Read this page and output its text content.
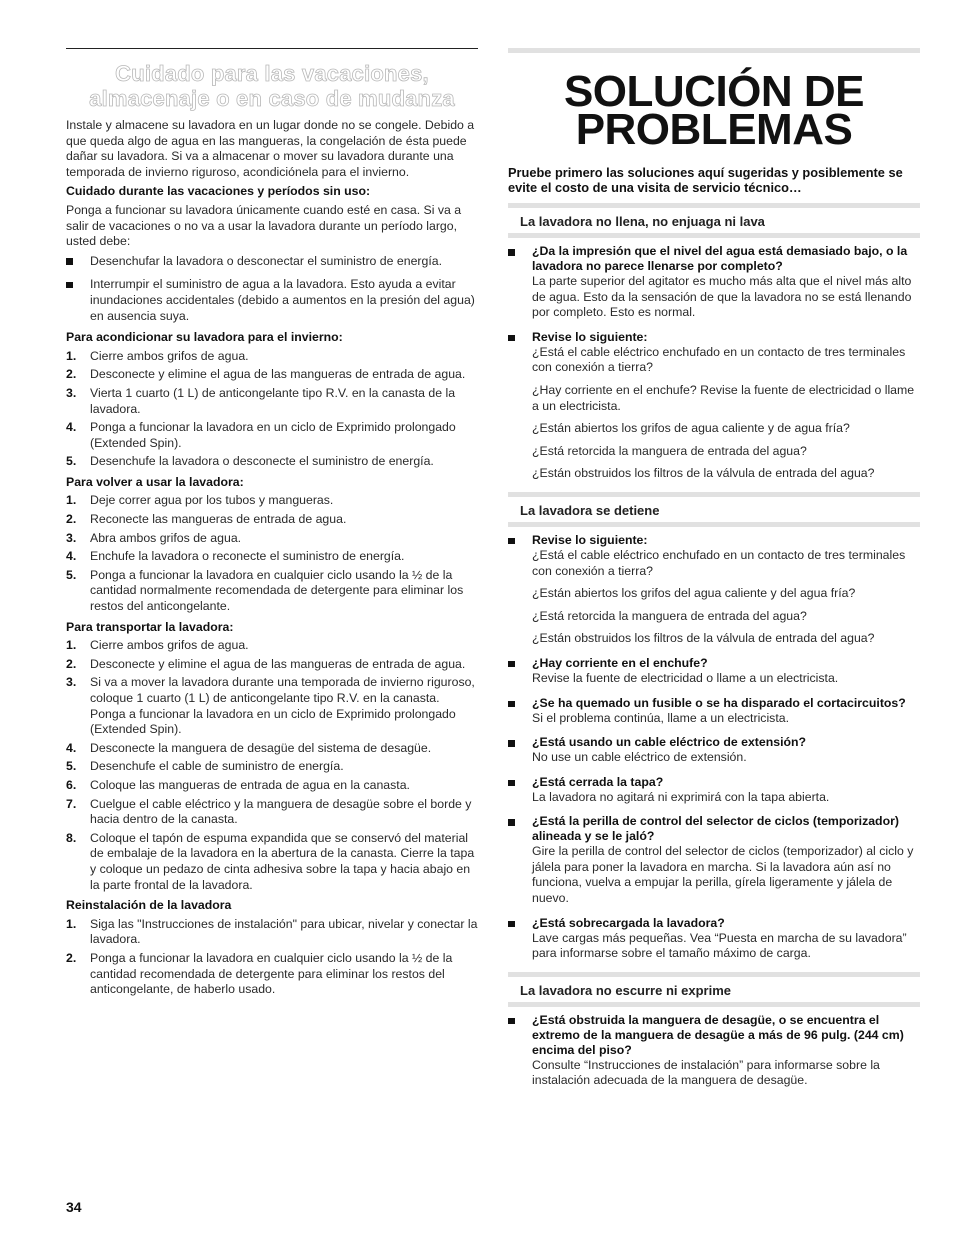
Cuidado para las vacaciones,
almacenaje o en caso de mudanza

Instale y almacene su lavadora en un lugar donde no se congele. Debido a que queda algo de agua en las mangueras, la congelación de ésta puede dañar su lavadora. Si va a almacenar o mover su lavadora durante una temporada de invierno riguroso, acondiciónela para el invierno.

Cuidado durante las vacaciones y períodos sin uso:

Ponga a funcionar su lavadora únicamente cuando esté en casa. Si va a salir de vacaciones o no va a usar la lavadora durante un período largo, usted debe:

Desenchufar la lavadora o desconectar el suministro de energía.
Interrumpir el suministro de agua a la lavadora. Esto ayuda a evitar inundaciones accidentales (debido a aumentos en la presión del agua) en ausencia suya.
Para acondicionar su lavadora para el invierno:
1.	Cierre ambos grifos de agua.
2.	Desconecte y elimine el agua de las mangueras de entrada de agua.
3.	Vierta 1 cuarto (1 L) de anticongelante tipo R.V. en la canasta de la lavadora.
4.	Ponga a funcionar la lavadora en un ciclo de Exprimido prolongado (Extended Spin).
5.	Desenchufe la lavadora o desconecte el suministro de energía.
Para volver a usar la lavadora:
1.	Deje correr agua por los tubos y mangueras.
2.	Reconecte las mangueras de entrada de agua.
3.	Abra ambos grifos de agua.
4.	Enchufe la lavadora o reconecte el suministro de energía.
5.	Ponga a funcionar la lavadora en cualquier ciclo usando la ½ de la cantidad normalmente recomendada de detergente para eliminar los restos del anticongelante.
Para transportar la lavadora:
1.	Cierre ambos grifos de agua.
2.	Desconecte y elimine el agua de las mangueras de entrada de agua.
3.	Si va a mover la lavadora durante una temporada de invierno riguroso, coloque 1 cuarto (1 L) de anticongelante tipo R.V. en la canasta. Ponga a funcionar la lavadora en un ciclo de Exprimido prolongado (Extended Spin).
4.	Desconecte la manguera de desagüe del sistema de desagüe.
5.	Desenchufe el cable de suministro de energía.
6.	Coloque las mangueras de entrada de agua en la canasta.
7.	Cuelgue el cable eléctrico y la manguera de desagüe sobre el borde y hacia dentro de la canasta.
8.	Coloque el tapón de espuma expandida que se conservó del material de embalaje de la lavadora en la abertura de la canasta. Cierre la tapa y coloque un pedazo de cinta adhesiva sobre la tapa y hacia abajo en la parte frontal de la lavadora.
Reinstalación de la lavadora
1.	Siga las "Instrucciones de instalación" para ubicar, nivelar y conectar la lavadora.
2.	Ponga a funcionar la lavadora en cualquier ciclo usando la ½ de la cantidad recomendada de detergente para eliminar los restos del anticongelante, de haberlo usado.
SOLUCIÓN DE
PROBLEMAS

Pruebe primero las soluciones aquí sugeridas y posiblemente se evite el costo de una visita de servicio técnico…

La lavadora no llena, no enjuaga ni lava
¿Da la impresión que el nivel del agua está demasiado bajo, o la lavadora no parece llenarse por completo?
La parte superior del agitator es mucho más alta que el nivel más alto de agua. Esto da la sensación de que la lavadora no se está llenando por completo. Esto es normal.
Revise lo siguiente:
¿Está el cable eléctrico enchufado en un contacto de tres terminales con conexión a tierra?
¿Hay corriente en el enchufe? Revise la fuente de electricidad o llame a un electricista.
¿Están abiertos los grifos de agua caliente y de agua fría?
¿Está retorcida la manguera de entrada del agua?
¿Están obstruidos los filtros de la válvula de entrada del agua?
La lavadora se detiene
Revise lo siguiente:
¿Está el cable eléctrico enchufado en un contacto de tres terminales con conexión a tierra?
¿Están abiertos los grifos del agua caliente y del agua fría?
¿Está retorcida la manguera de entrada del agua?
¿Están obstruidos los filtros de la válvula de entrada del agua?
¿Hay corriente en el enchufe?
Revise la fuente de electricidad o llame a un electricista.
¿Se ha quemado un fusible o se ha disparado el cortacircuitos?
Si el problema continúa, llame a un electricista.
¿Está usando un cable eléctrico de extensión?
No use un cable eléctrico de extensión.
¿Está cerrada la tapa?
La lavadora no agitará ni exprimirá con la tapa abierta.
¿Está la perilla de control del selector de ciclos (temporizador) alineada y se le jaló?
Gire la perilla de control del selector de ciclos (temporizador) al ciclo y jálela para poner la lavadora en marcha. Si la lavadora aún así no funciona, vuelva a empujar la perilla, gírela ligeramente y jálela de nuevo.
¿Está sobrecargada la lavadora?
Lave cargas más pequeñas. Vea “Puesta en marcha de su lavadora” para informarse sobre el tamaño máximo de carga.
La lavadora no escurre ni exprime
¿Está obstruida la manguera de desagüe, o se encuentra el extremo de la manguera de desagüe a más de 96 pulg. (244 cm) encima del piso?
Consulte “Instrucciones de instalación” para informarse sobre la instalación adecuada de la manguera de desagüe.
34
